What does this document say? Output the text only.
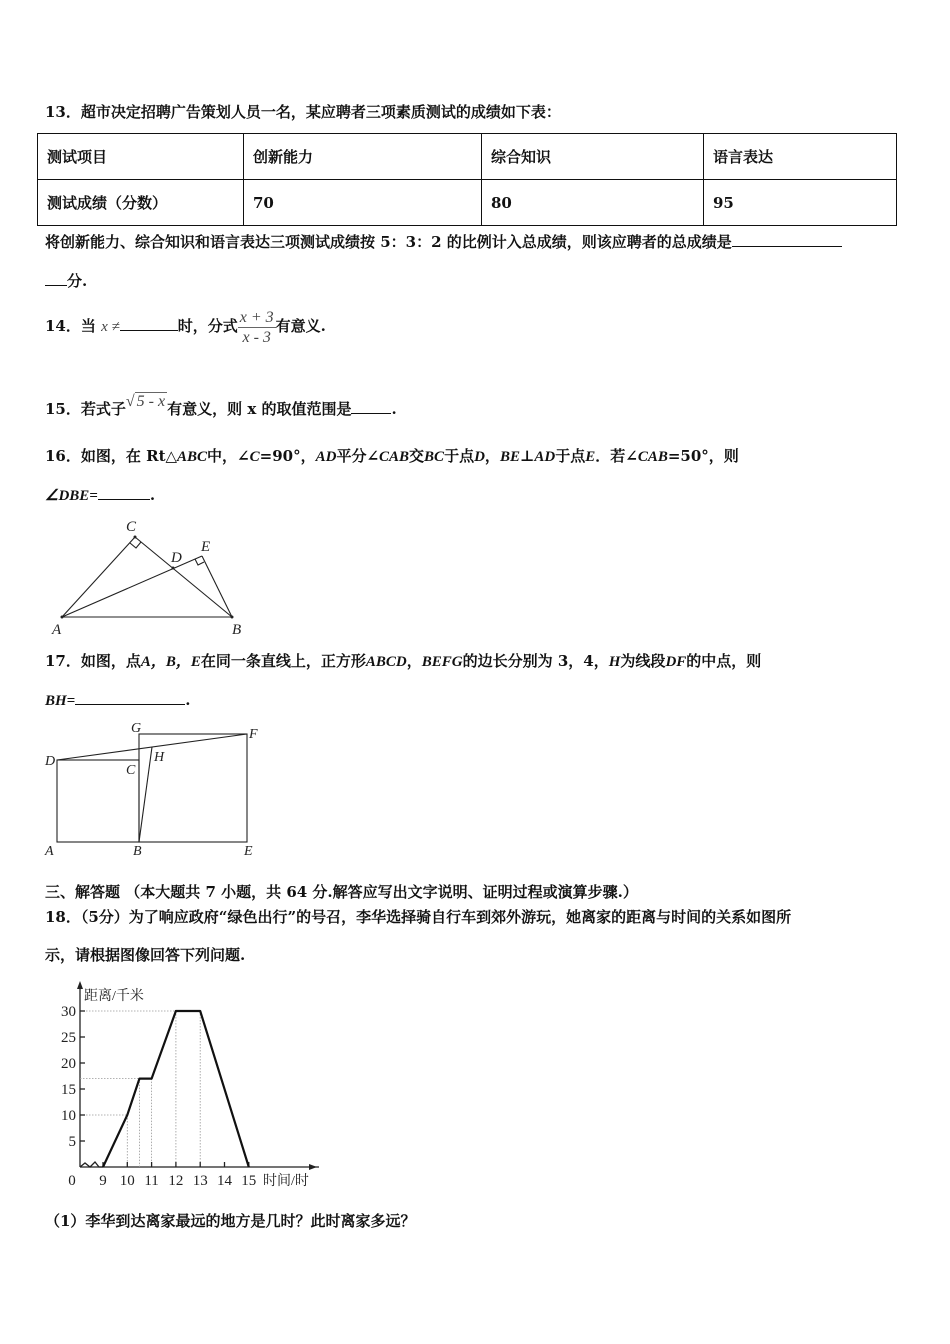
13．超市决定招聘广告策划人员一名，某应聘者三项素质测试的成绩如下表：
测试项目	创新能力	综合知识	语言表达
测试成绩（分数）	70	80	95
将创新能力、综合知识和语言表达三项测试成绩按 5：3：2 的比例计入总成绩，则该应聘者的总成绩是
分.
14．当 x ≠	时，分式 $\frac{x + 3}{x - 3}$ 有意义.
15．若式子√ 5 - x 有意义，则 x 的取值范围是	.
16．如图，在 Rt△ABC中，∠C=90°，AD平分∠CAB交BC于点D，BE⊥AD于点E．若∠CAB=50°，则
∠DBE=	.
A	B
C
D
E
17．如图，点A，B，E在同一条直线上，正方形ABCD，BEFG的边长分别为 3，4，H为线段DF的中点，则
BH=	.
A	B
C
D
E
F
G
H
三、解答题 （本大题共 7 小题，共 64 分.解答应写出文字说明、证明过程或演算步骤.）
18．（5分）为了响应政府“绿色出行”的号召，李华选择骑自行车到郊外游玩，她离家的距离与时间的关系如图所
示，请根据图像回答下列问题.
5
10
15
20
25
30
0 9 10 11 12 13 14 15
距离/千米
时间/时
（1）李华到达离家最远的地方是几时？此时离家多远？
